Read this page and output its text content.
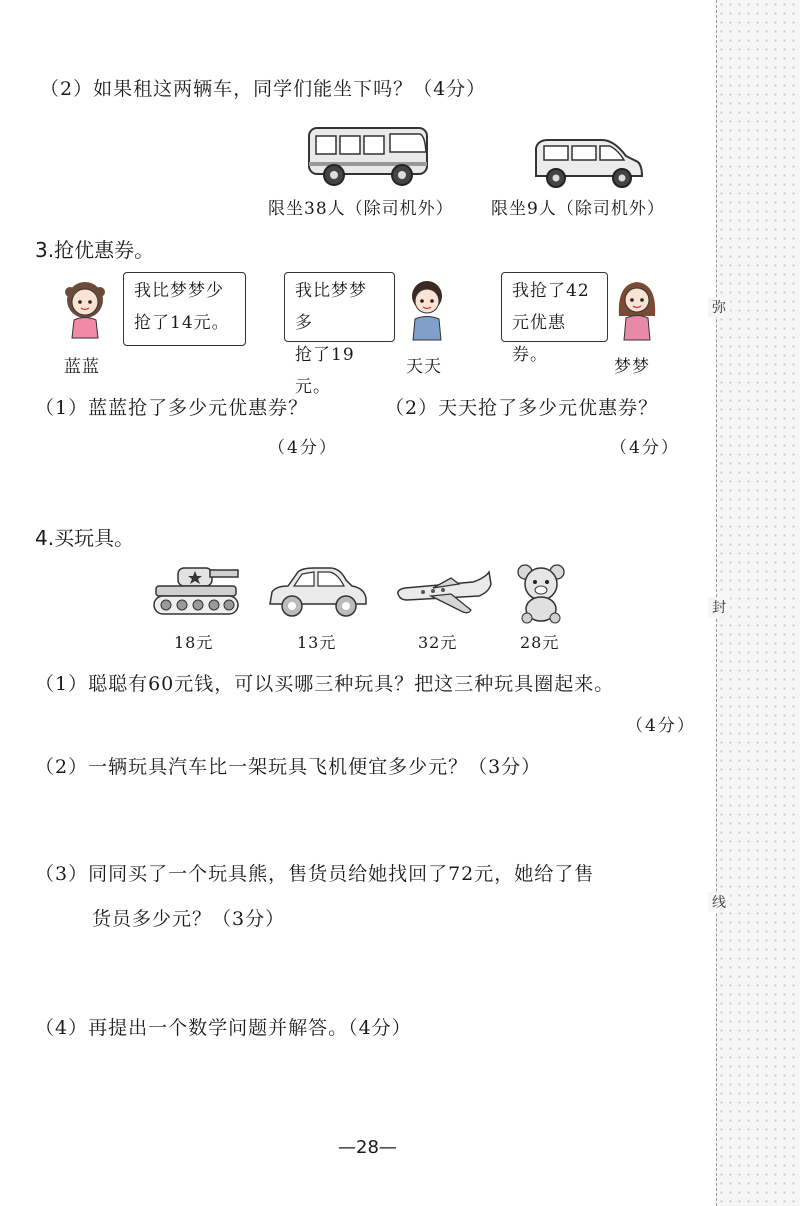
弥
封
线
（2）如果租这两辆车，同学们能坐下吗？（4分）
限坐38人（除司机外） 限坐9人（除司机外）
3.抢优惠券。
我比梦梦少
抢了14元。
蓝蓝
我比梦梦多
抢了19元。
天天
我抢了42
元优惠券。
梦梦
（1）蓝蓝抢了多少元优惠券？	（2）天天抢了多少元优惠券？
（4分）	（4分）
4.买玩具。
18元	13元	32元	28元
（1）聪聪有60元钱，可以买哪三种玩具？把这三种玩具圈起来。
（4分）
（2）一辆玩具汽车比一架玩具飞机便宜多少元？（3分）
（3）同同买了一个玩具熊，售货员给她找回了72元，她给了售
货员多少元？（3分）
（4）再提出一个数学问题并解答。（4分）
—28—
